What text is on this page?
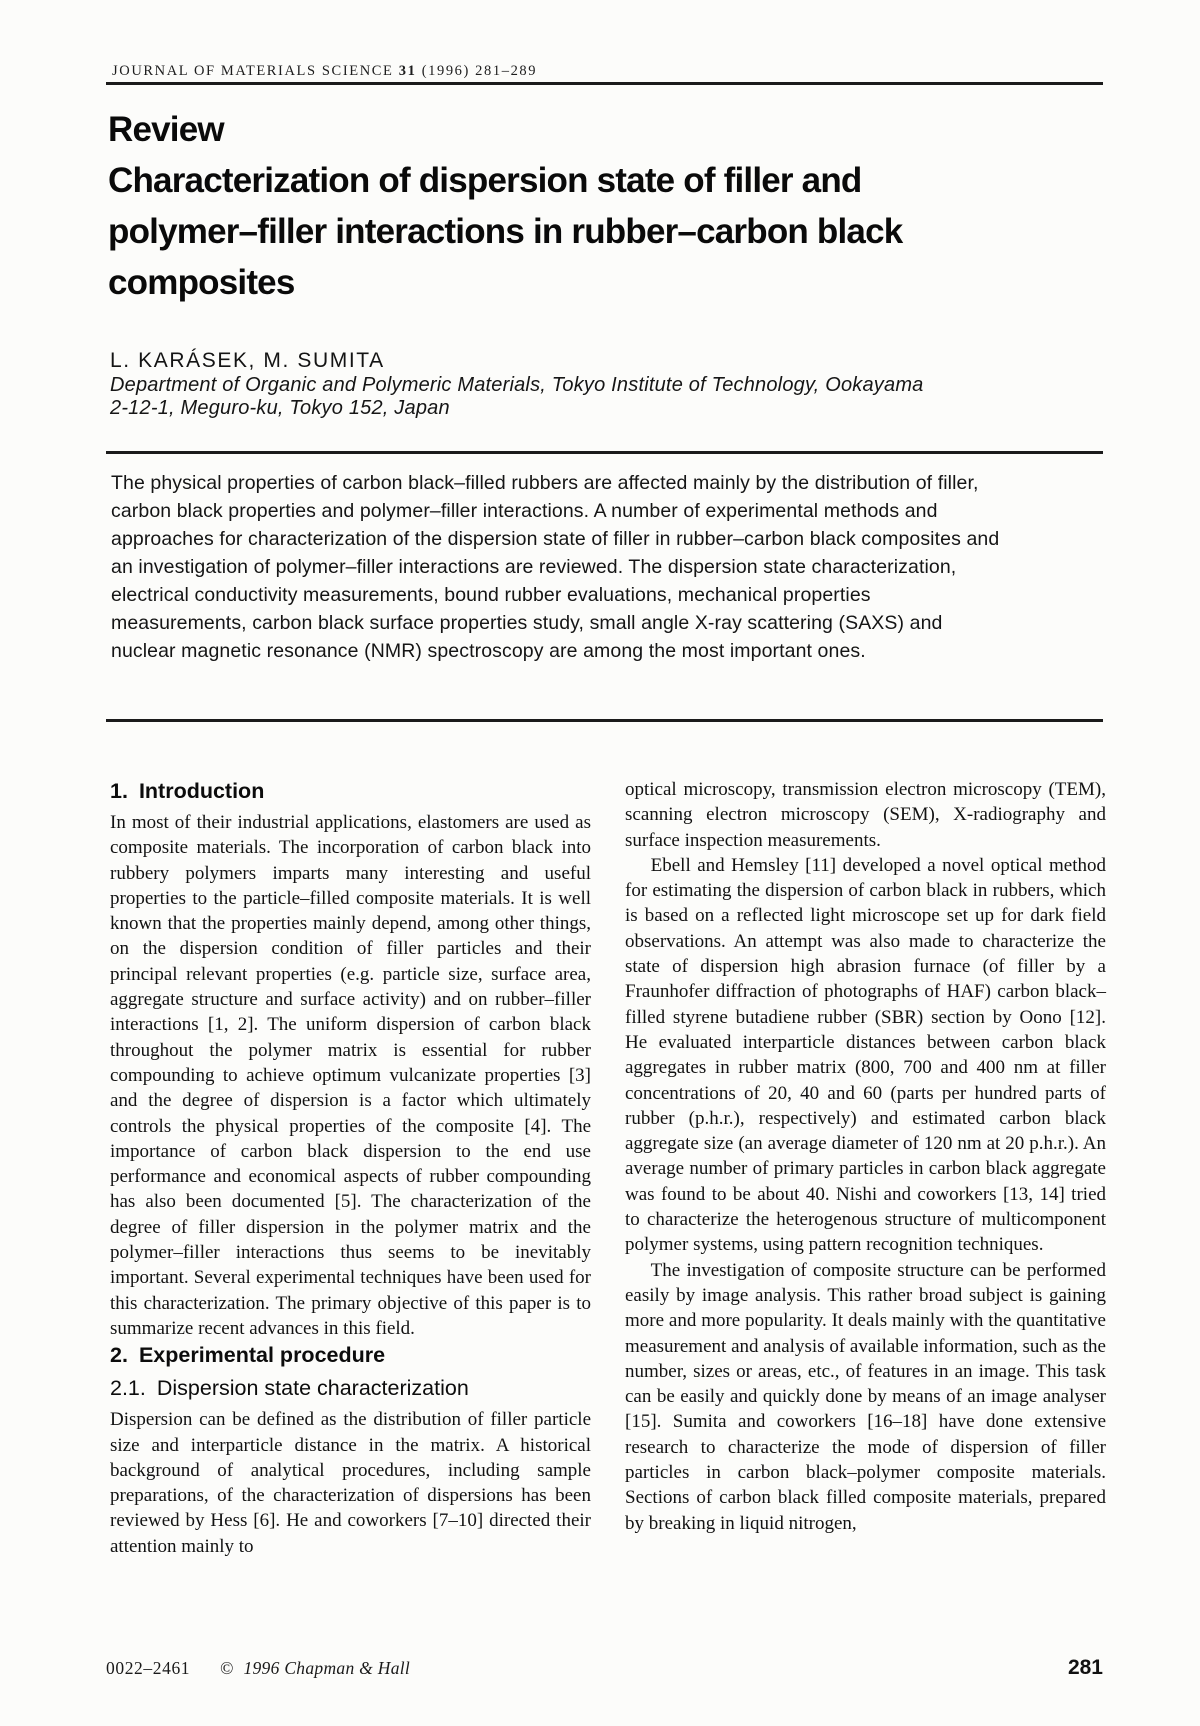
JOURNAL OF MATERIALS SCIENCE 31 (1996) 281–289
Review
Characterization of dispersion state of filler and
polymer–filler interactions in rubber–carbon black
composites
L. KARÁSEK, M. SUMITA
Department of Organic and Polymeric Materials, Tokyo Institute of Technology, Ookayama
2-12-1, Meguro-ku, Tokyo 152, Japan
The physical properties of carbon black–filled rubbers are affected mainly by the distribution of filler, carbon black properties and polymer–filler interactions. A number of experimental methods and approaches for characterization of the dispersion state of filler in rubber–carbon black composites and an investigation of polymer–filler interactions are reviewed. The dispersion state characterization, electrical conductivity measurements, bound rubber evaluations, mechanical properties measurements, carbon black surface properties study, small angle X-ray scattering (SAXS) and nuclear magnetic resonance (NMR) spectroscopy are among the most important ones.
1. Introduction

In most of their industrial applications, elastomers are used as composite materials. The incorporation of carbon black into rubbery polymers imparts many interesting and useful properties to the particle–filled composite materials. It is well known that the properties mainly depend, among other things, on the dispersion condition of filler particles and their principal relevant properties (e.g. particle size, surface area, aggregate structure and surface activity) and on rubber–filler interactions [1, 2]. The uniform dispersion of carbon black throughout the polymer matrix is essential for rubber compounding to achieve optimum vulcanizate properties [3] and the degree of dispersion is a factor which ultimately controls the physical properties of the composite [4]. The importance of carbon black dispersion to the end use performance and economical aspects of rubber compounding has also been documented [5]. The characterization of the degree of filler dispersion in the polymer matrix and the polymer–filler interactions thus seems to be inevitably important. Several experimental techniques have been used for this characterization. The primary objective of this paper is to summarize recent advances in this field.

2. Experimental procedure
2.1. Dispersion state characterization

Dispersion can be defined as the distribution of filler particle size and interparticle distance in the matrix. A historical background of analytical procedures, including sample preparations, of the characterization of dispersions has been reviewed by Hess [6]. He and coworkers [7–10] directed their attention mainly to

optical microscopy, transmission electron microscopy (TEM), scanning electron microscopy (SEM), X-radiography and surface inspection measurements.

Ebell and Hemsley [11] developed a novel optical method for estimating the dispersion of carbon black in rubbers, which is based on a reflected light microscope set up for dark field observations. An attempt was also made to characterize the state of dispersion high abrasion furnace (of filler by a Fraunhofer diffraction of photographs of HAF) carbon black–filled styrene butadiene rubber (SBR) section by Oono [12]. He evaluated interparticle distances between carbon black aggregates in rubber matrix (800, 700 and 400 nm at filler concentrations of 20, 40 and 60 (parts per hundred parts of rubber (p.h.r.), respectively) and estimated carbon black aggregate size (an average diameter of 120 nm at 20 p.h.r.). An average number of primary particles in carbon black aggregate was found to be about 40. Nishi and coworkers [13, 14] tried to characterize the heterogenous structure of multicomponent polymer systems, using pattern recognition techniques.

The investigation of composite structure can be performed easily by image analysis. This rather broad subject is gaining more and more popularity. It deals mainly with the quantitative measurement and analysis of available information, such as the number, sizes or areas, etc., of features in an image. This task can be easily and quickly done by means of an image analyser [15]. Sumita and coworkers [16–18] have done extensive research to characterize the mode of dispersion of filler particles in carbon black–polymer composite materials. Sections of carbon black filled composite materials, prepared by breaking in liquid nitrogen,

0022–2461 © 1996 Chapman & Hall	281
